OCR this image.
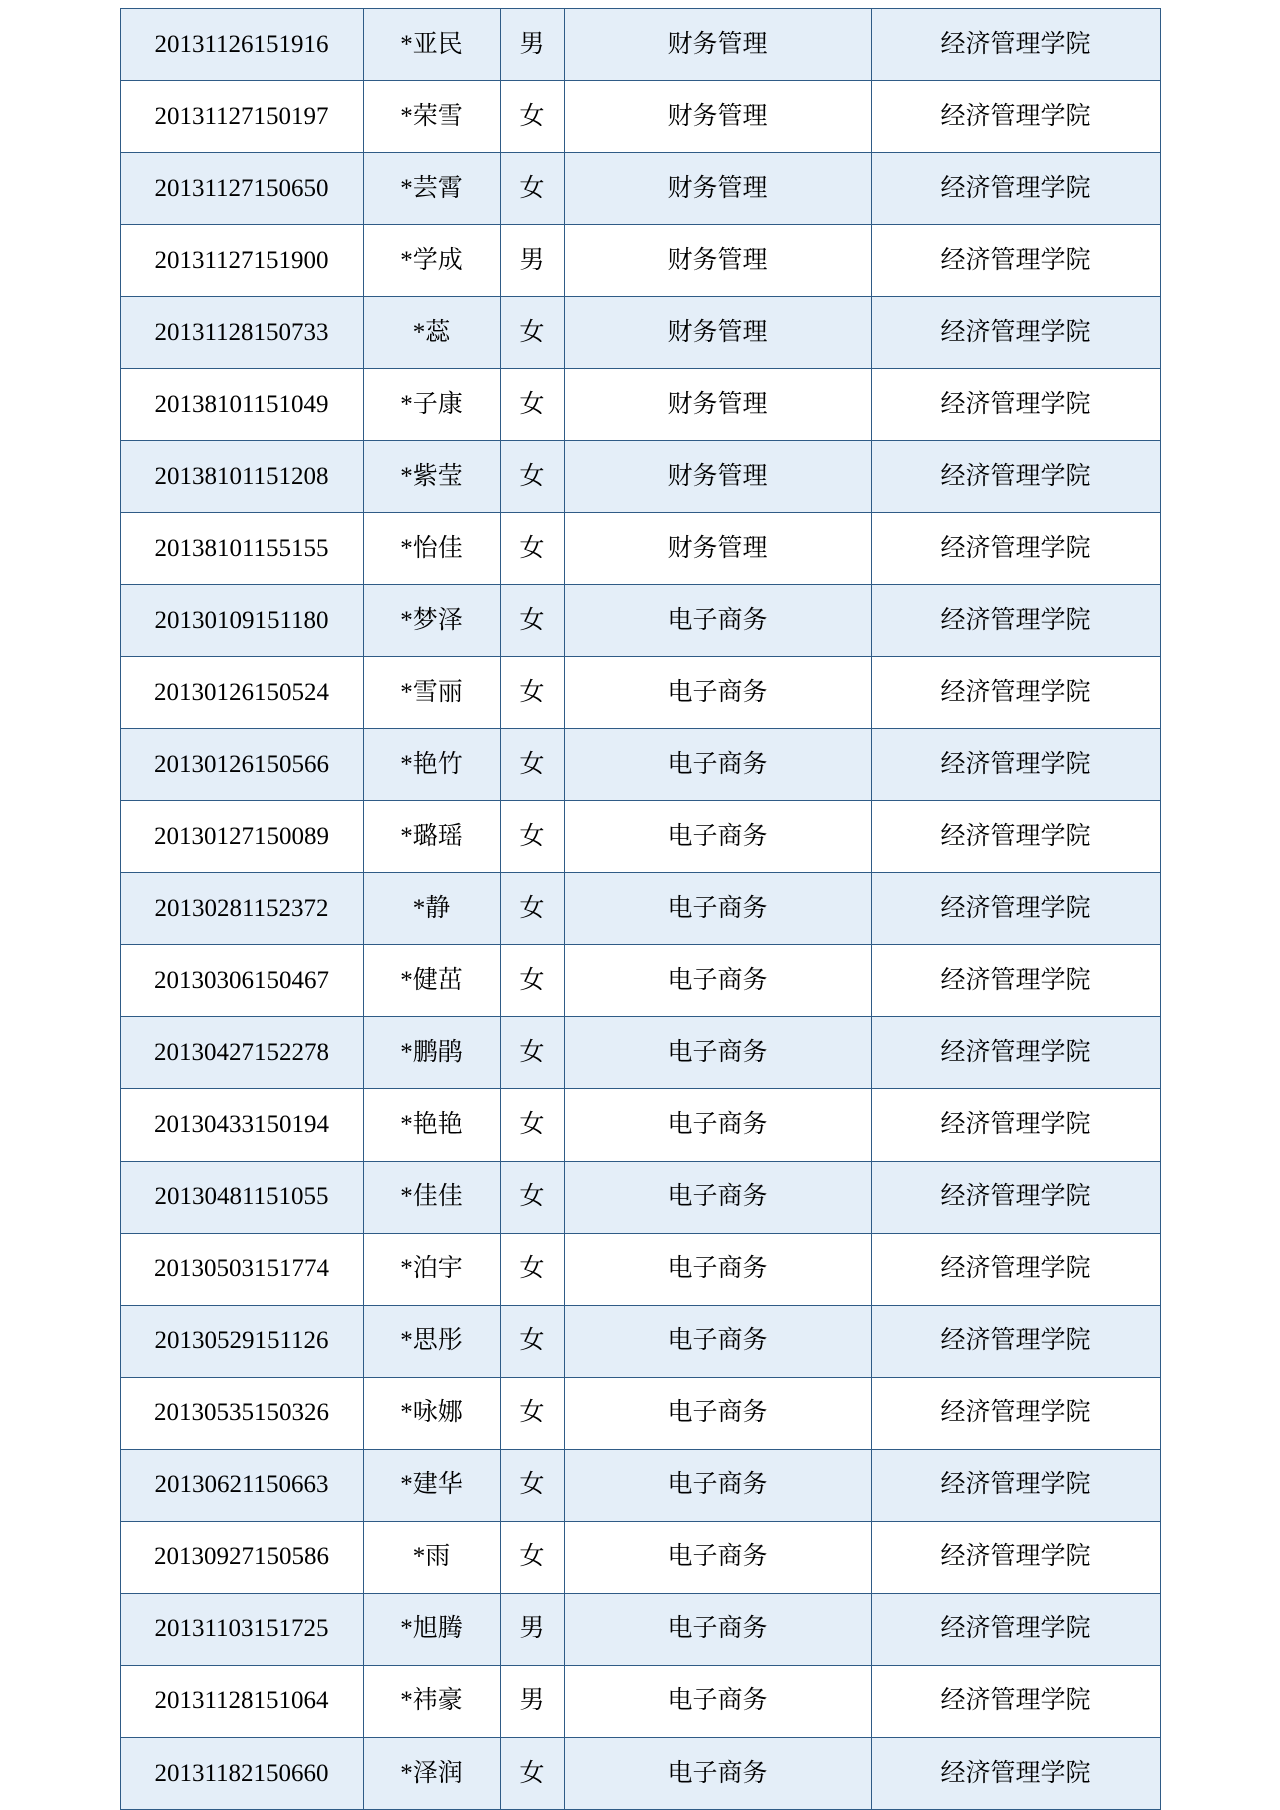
20131126151916	*亚民	男	财务管理	经济管理学院
20131127150197	*荣雪	女	财务管理	经济管理学院
20131127150650	*芸霄	女	财务管理	经济管理学院
20131127151900	*学成	男	财务管理	经济管理学院
20131128150733	*蕊	女	财务管理	经济管理学院
20138101151049	*子康	女	财务管理	经济管理学院
20138101151208	*紫莹	女	财务管理	经济管理学院
20138101155155	*怡佳	女	财务管理	经济管理学院
20130109151180	*梦泽	女	电子商务	经济管理学院
20130126150524	*雪丽	女	电子商务	经济管理学院
20130126150566	*艳竹	女	电子商务	经济管理学院
20130127150089	*璐瑶	女	电子商务	经济管理学院
20130281152372	*静	女	电子商务	经济管理学院
20130306150467	*健茁	女	电子商务	经济管理学院
20130427152278	*鹏鹃	女	电子商务	经济管理学院
20130433150194	*艳艳	女	电子商务	经济管理学院
20130481151055	*佳佳	女	电子商务	经济管理学院
20130503151774	*泊宇	女	电子商务	经济管理学院
20130529151126	*思彤	女	电子商务	经济管理学院
20130535150326	*咏娜	女	电子商务	经济管理学院
20130621150663	*建华	女	电子商务	经济管理学院
20130927150586	*雨	女	电子商务	经济管理学院
20131103151725	*旭腾	男	电子商务	经济管理学院
20131128151064	*祎豪	男	电子商务	经济管理学院
20131182150660	*泽润	女	电子商务	经济管理学院
